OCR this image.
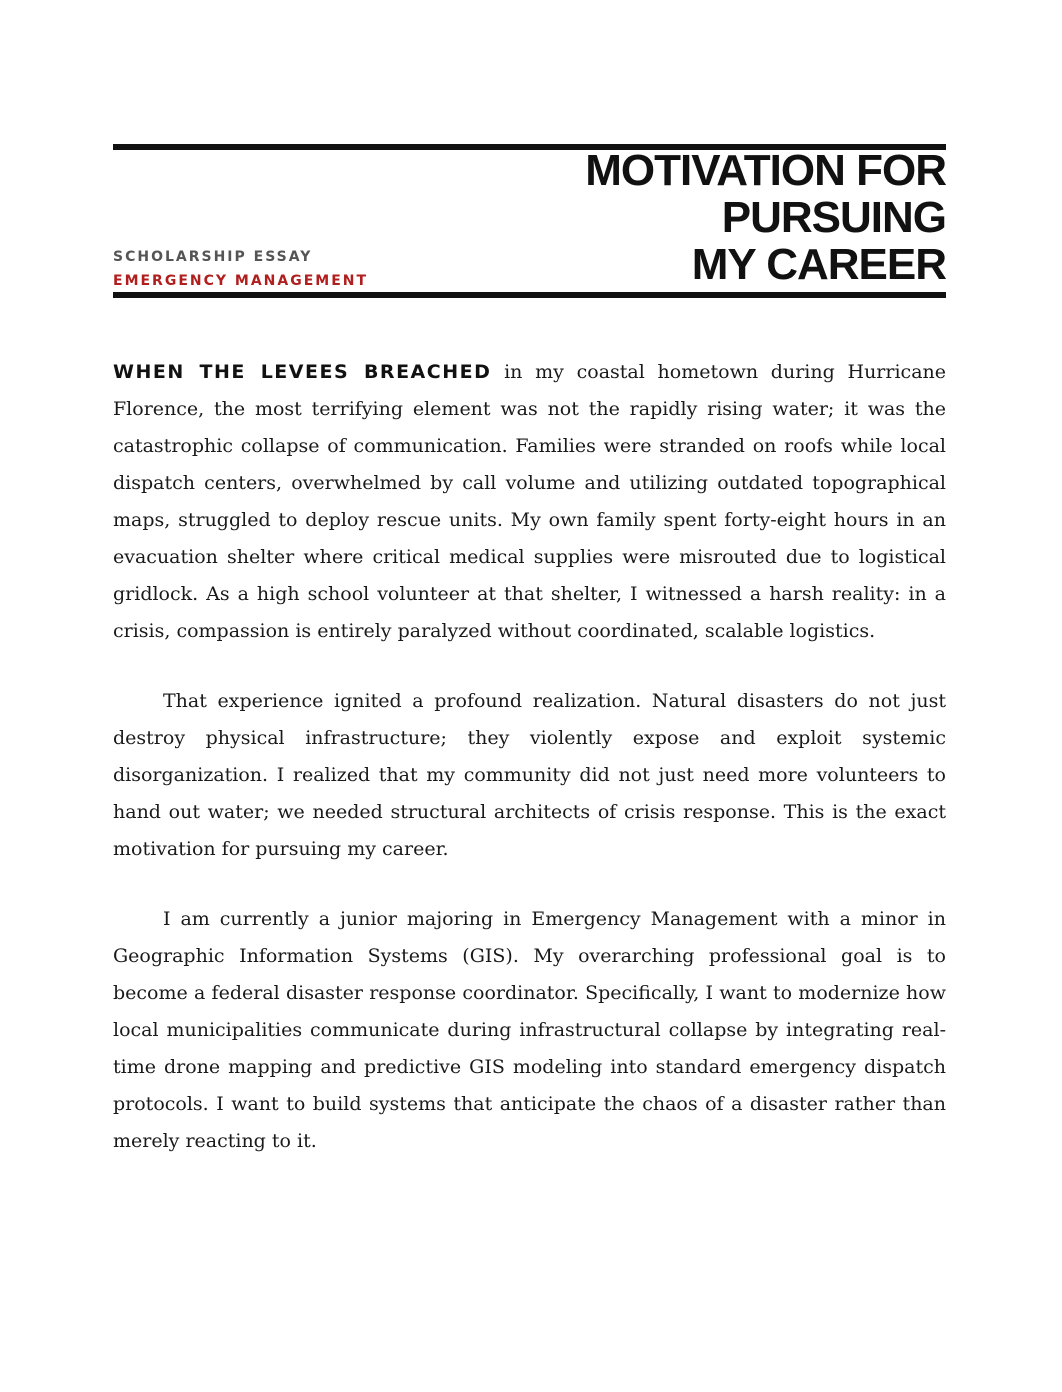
SCHOLARSHIP ESSAY
EMERGENCY MANAGEMENT
MOTIVATION FOR
PURSUING
MY CAREER

WHEN THE LEVEES BREACHED in my coastal hometown during Hurricane Florence, the most terrifying element was not the rapidly rising water; it was the catastrophic collapse of communication. Families were stranded on roofs while local dispatch centers, overwhelmed by call volume and utilizing outdated topographical maps, struggled to deploy rescue units. My own family spent forty-eight hours in an evacuation shelter where critical medical supplies were misrouted due to logistical gridlock. As a high school volunteer at that shelter, I witnessed a harsh reality: in a crisis, compassion is entirely paralyzed without coordinated, scalable logistics.

That experience ignited a profound realization. Natural disasters do not just destroy physical infrastructure; they violently expose and exploit systemic disorganization. I realized that my community did not just need more volunteers to hand out water; we needed structural architects of crisis response. This is the exact motivation for pursuing my career.

I am currently a junior majoring in Emergency Management with a minor in Geographic Information Systems (GIS). My overarching professional goal is to become a federal disaster response coordinator. Specifically, I want to modernize how local municipalities communicate during infrastructural collapse by integrating real-time drone mapping and predictive GIS modeling into standard emergency dispatch protocols. I want to build systems that anticipate the chaos of a disaster rather than merely reacting to it.
